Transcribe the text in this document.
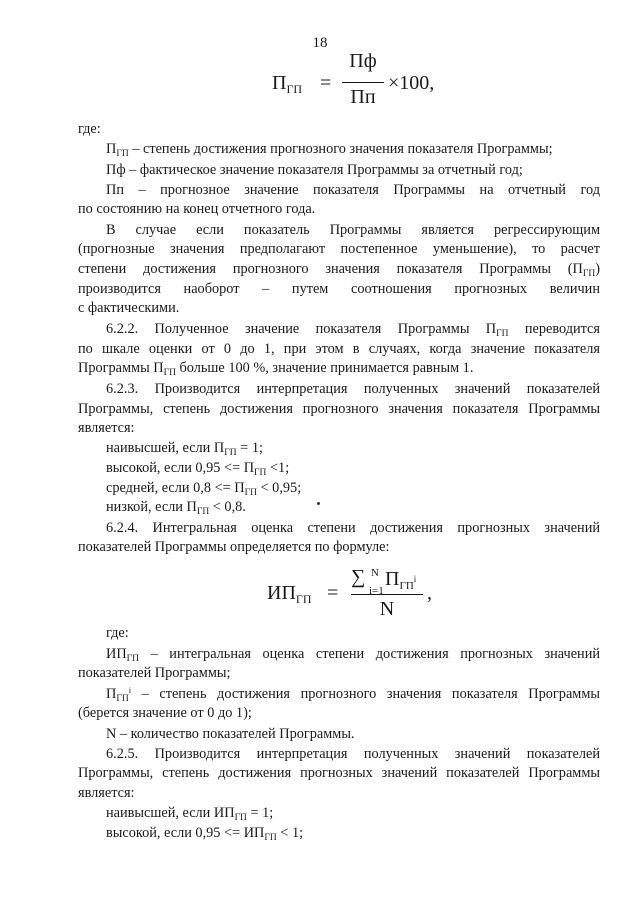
18
$П_{ГП}$ =
Пф
Пп
×100,
где:
$П_{ГП}$ – степень достижения прогнозного значения показателя Программы;
Пф – фактическое значение показателя Программы за отчетный год;
Пп – прогнозное значение показателя Программы на отчетный год
по состоянию на конец отчетного года.
В случае если показатель Программы является регрессирующим
(прогнозные значения предполагают постепенное уменьшение), то расчет
степени достижения прогнозного значения показателя Программы $(П_{ГП})$
производится наоборот – путем соотношения прогнозных величин
с фактическими.
6.2.2. Полученное значение показателя Программы $П_{ГП}$ переводится
по шкале оценки от 0 до 1, при этом в случаях, когда значение показателя
Программы $П_{ГП}$ больше 100 %, значение принимается равным 1.
6.2.3. Производится интерпретация полученных значений показателей
Программы, степень достижения прогнозного значения показателя Программы
является:
наивысшей, если $П_{ГП} = 1$;
высокой, если $0,95 <= П_{ГП} <1$;
средней, если $0,8 <= П_{ГП} < 0,95$;
низкой, если $П_{ГП} < 0,8$.
6.2.4. Интегральная оценка степени достижения прогнозных значений
показателей Программы определяется по формуле:
$ИП_{ГП}$ =
∑ N
i=1
$П_{ГП}^i$
N
,
где:
$ИП_{ГП}$ – интегральная оценка степени достижения прогнозных значений
показателей Программы;
$П_{ГП}^i$ – степень достижения прогнозного значения показателя Программы
(берется значение от 0 до 1);
N – количество показателей Программы.
6.2.5. Производится интерпретация полученных значений показателей
Программы, степень достижения прогнозных значений показателей Программы
является:
наивысшей, если $ИП_{ГП} = 1$;
высокой, если $0,95 <= ИП_{ГП} < 1$;
